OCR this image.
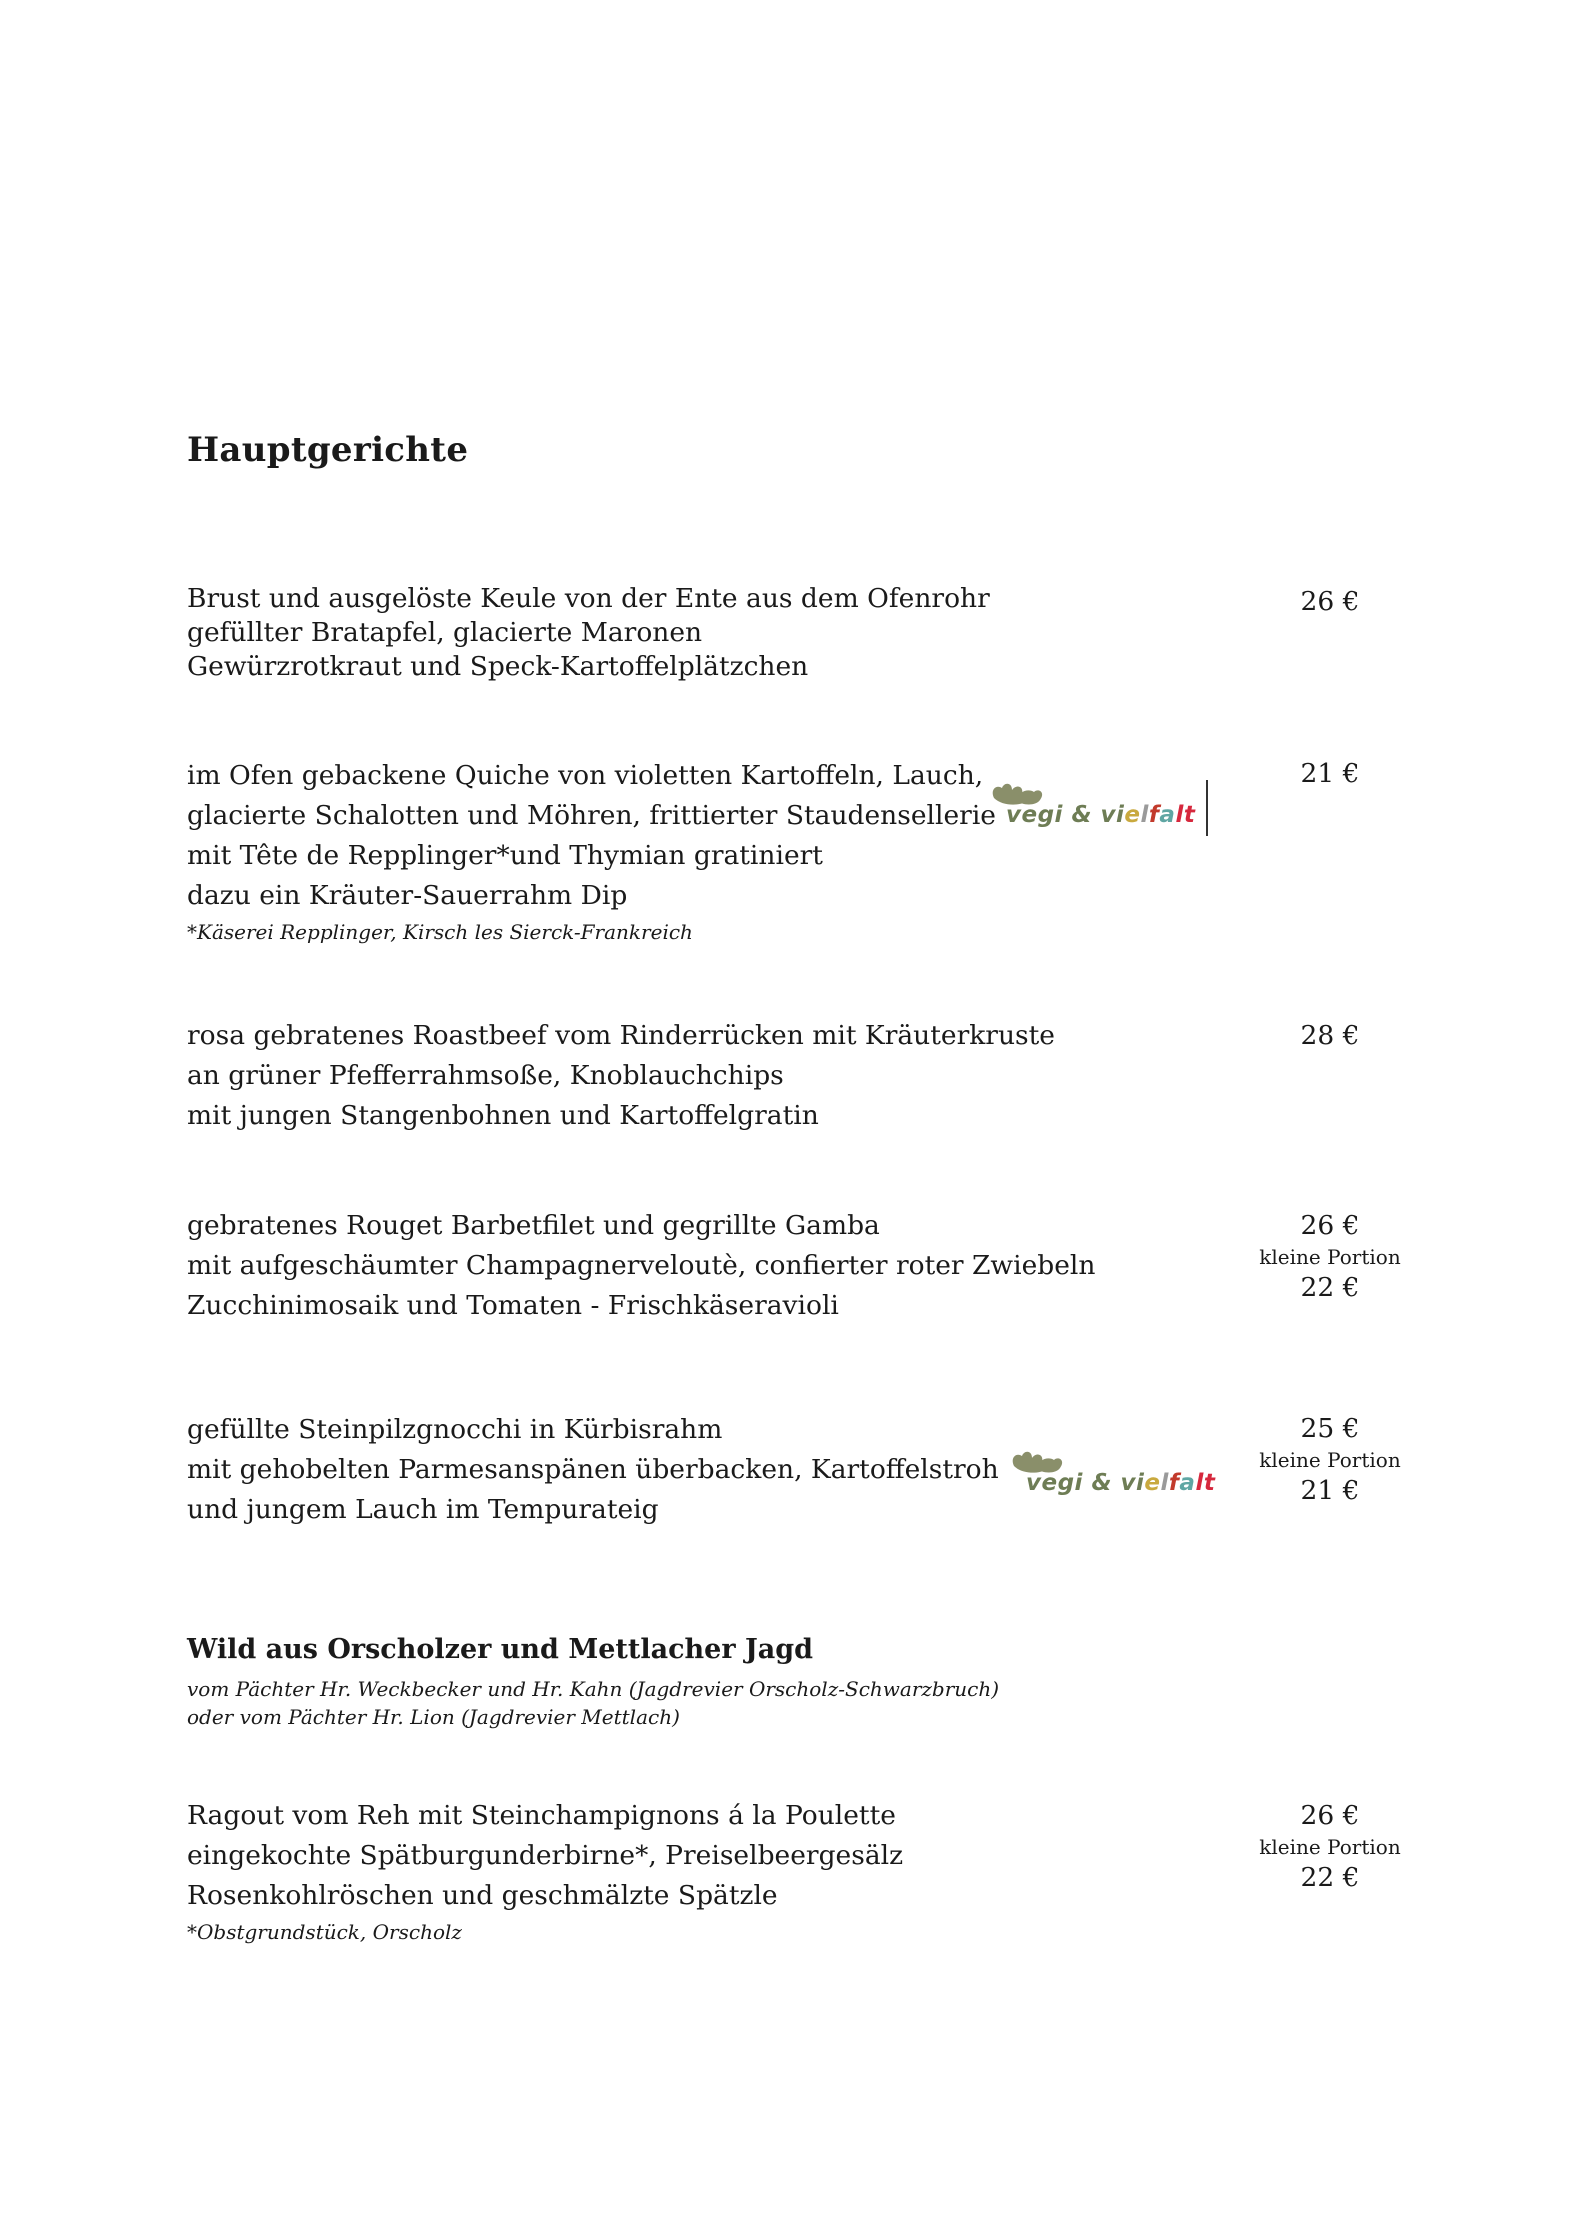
Hauptgerichte
Brust und ausgelöste Keule von der Ente aus dem Ofenrohr
gefüllter Bratapfel, glacierte Maronen
Gewürzrotkraut und Speck-Kartoffelplätzchen
26 €
im Ofen gebackene Quiche von violetten Kartoffeln, Lauch,
glacierte Schalotten und Möhren, frittierter Staudensellerie
mit Tête de Repplinger*und Thymian gratiniert
dazu ein Kräuter-Sauerrahm Dip
*Käserei Repplinger, Kirsch les Sierck-Frankreich
vegi & vielfalt
21 €
rosa gebratenes Roastbeef vom Rinderrücken mit Kräuterkruste
an grüner Pfefferrahmsoße, Knoblauchchips
mit jungen Stangenbohnen und Kartoffelgratin
28 €
gebratenes Rouget Barbetfilet und gegrillte Gamba
mit aufgeschäumter Champagnerveloutè, confierter roter Zwiebeln
Zucchinimosaik und Tomaten - Frischkäseravioli
26 €
kleine Portion
22 €
gefüllte Steinpilzgnocchi in Kürbisrahm
mit gehobelten Parmesanspänen überbacken, Kartoffelstroh
und jungem Lauch im Tempurateig
vegi & vielfalt
25 €
kleine Portion
21 €
Wild aus Orscholzer und Mettlacher Jagd
vom Pächter Hr. Weckbecker und Hr. Kahn (Jagdrevier Orscholz-Schwarzbruch)
oder vom Pächter Hr. Lion (Jagdrevier Mettlach)
Ragout vom Reh mit Steinchampignons á la Poulette
eingekochte Spätburgunderbirne*, Preiselbeergesälz
Rosenkohlröschen und geschmälzte Spätzle
*Obstgrundstück, Orscholz
26 €
kleine Portion
22 €
